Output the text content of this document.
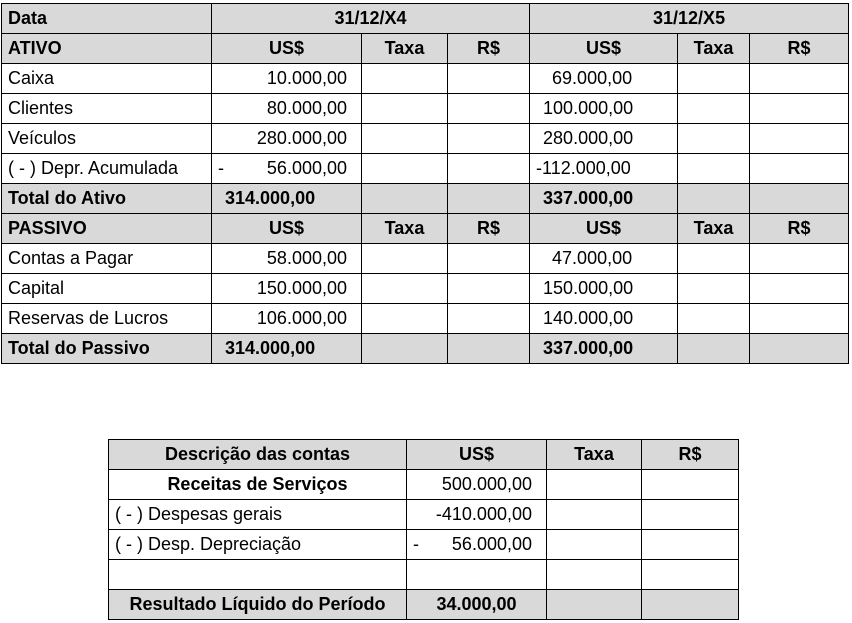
Data	31/12/X4			31/12/X5		
ATIVO	US$	Taxa	R$	US$	Taxa	R$
Caixa	10.000,00			69.000,00		
Clientes	80.000,00			100.000,00		
Veículos	280.000,00			280.000,00		
( - ) Depr. Acumulada	- 56.000,00			-112.000,00		
Total do Ativo	314.000,00			337.000,00		
PASSIVO	US$	Taxa	R$	US$	Taxa	R$
Contas a Pagar	58.000,00			47.000,00		
Capital	150.000,00			150.000,00		
Reservas de Lucros	106.000,00			140.000,00		
Total do Passivo	314.000,00			337.000,00		
Descrição das contas	US$	Taxa	R$
Receitas de Serviços	500.000,00		
( - ) Despesas gerais	-410.000,00		
( - ) Desp. Depreciação	- 56.000,00		

Resultado Líquido do Período	34.000,00		
